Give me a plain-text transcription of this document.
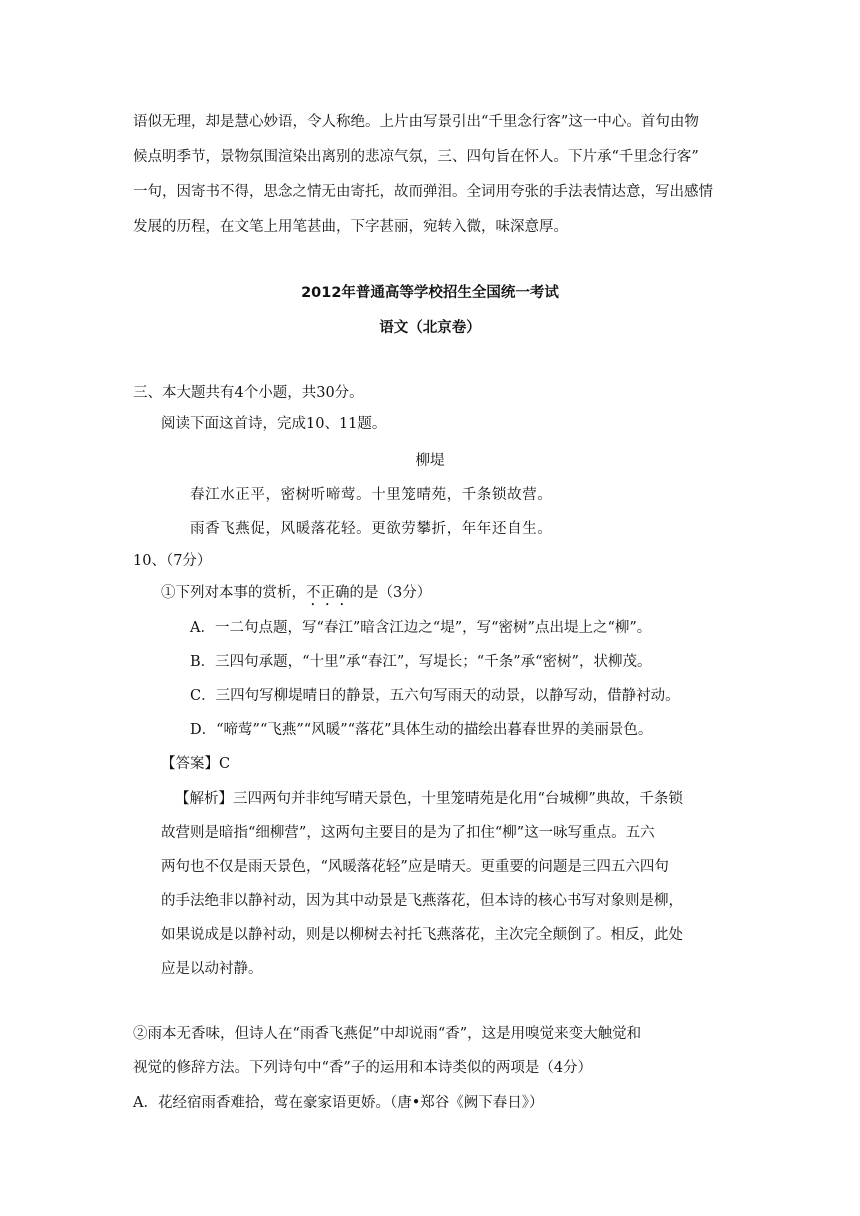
语似无理，却是慧心妙语，令人称绝。上片由写景引出“千里念行客”这一中心。首句由物
候点明季节，景物氛围渲染出离别的悲凉气氛，三、四句旨在怀人。下片承“千里念行客”
一句，因寄书不得，思念之情无由寄托，故而弹泪。全词用夸张的手法表情达意，写出感情
发展的历程，在文笔上用笔甚曲，下字甚丽，宛转入微，味深意厚。
2012年普通高等学校招生全国统一考试
语文（北京卷）
三、本大题共有4个小题，共30分。
阅读下面这首诗，完成10、11题。
柳堤
春江水正平，密树听啼莺。十里笼晴苑，千条锁故营。
雨香飞燕促，风暖落花轻。更欲劳攀折，年年还自生。
10、（7分）
①下列对本事的赏析，不正确的是（3分）
A．一二句点题，写“春江”暗含江边之“堤”，写“密树”点出堤上之“柳”。
B．三四句承题，“十里”承“春江”，写堤长；“千条”承“密树”，状柳茂。
C．三四句写柳堤晴日的静景，五六句写雨天的动景，以静写动，借静衬动。
D．“啼莺”“飞燕”“风暖”“落花”具体生动的描绘出暮春世界的美丽景色。
【答案】C
【解析】三四两句并非纯写晴天景色，十里笼晴苑是化用“台城柳”典故，千条锁
故营则是暗指“细柳营”，这两句主要目的是为了扣住“柳”这一咏写重点。五六
两句也不仅是雨天景色，“风暖落花轻”应是晴天。更重要的问题是三四五六四句
的手法绝非以静衬动，因为其中动景是飞燕落花，但本诗的核心书写对象则是柳，
如果说成是以静衬动，则是以柳树去衬托飞燕落花，主次完全颠倒了。相反，此处
应是以动衬静。
②雨本无香味，但诗人在“雨香飞燕促”中却说雨“香”，这是用嗅觉来变大触觉和
视觉的修辞方法。下列诗句中“香”子的运用和本诗类似的两项是（4分）
A．花经宿雨香难拾，莺在豪家语更娇。（唐•郑谷《阙下春日》）
